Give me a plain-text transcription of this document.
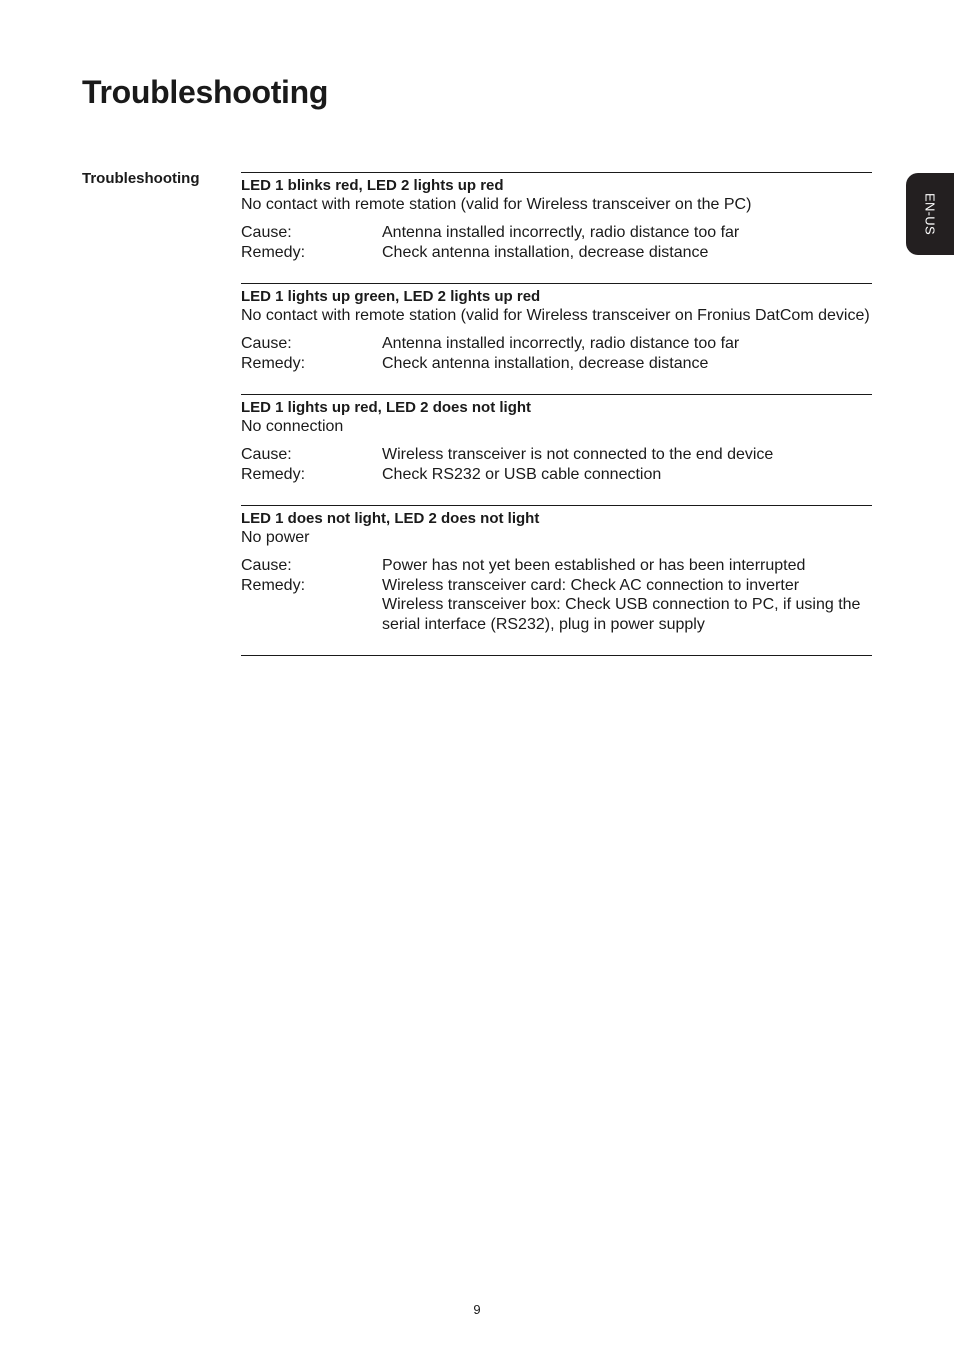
Troubleshooting
Troubleshooting
EN-US
LED 1 blinks red, LED 2 lights up red
No contact with remote station (valid for Wireless transceiver on the PC)
Cause:	Antenna installed incorrectly, radio distance too far
Remedy:	Check antenna installation, decrease distance
LED 1 lights up green, LED 2 lights up red
No contact with remote station (valid for Wireless transceiver on Fronius DatCom device)
Cause:	Antenna installed incorrectly, radio distance too far
Remedy:	Check antenna installation, decrease distance
LED 1 lights up red, LED 2 does not light
No connection
Cause:	Wireless transceiver is not connected to the end device
Remedy:	Check RS232 or USB cable connection
LED 1 does not light, LED 2 does not light
No power
Cause:	Power has not yet been established or has been interrupted
Remedy:	Wireless transceiver card: Check AC connection to inverter
Wireless transceiver box: Check USB connection to PC, if using the serial interface (RS232), plug in power supply
9
